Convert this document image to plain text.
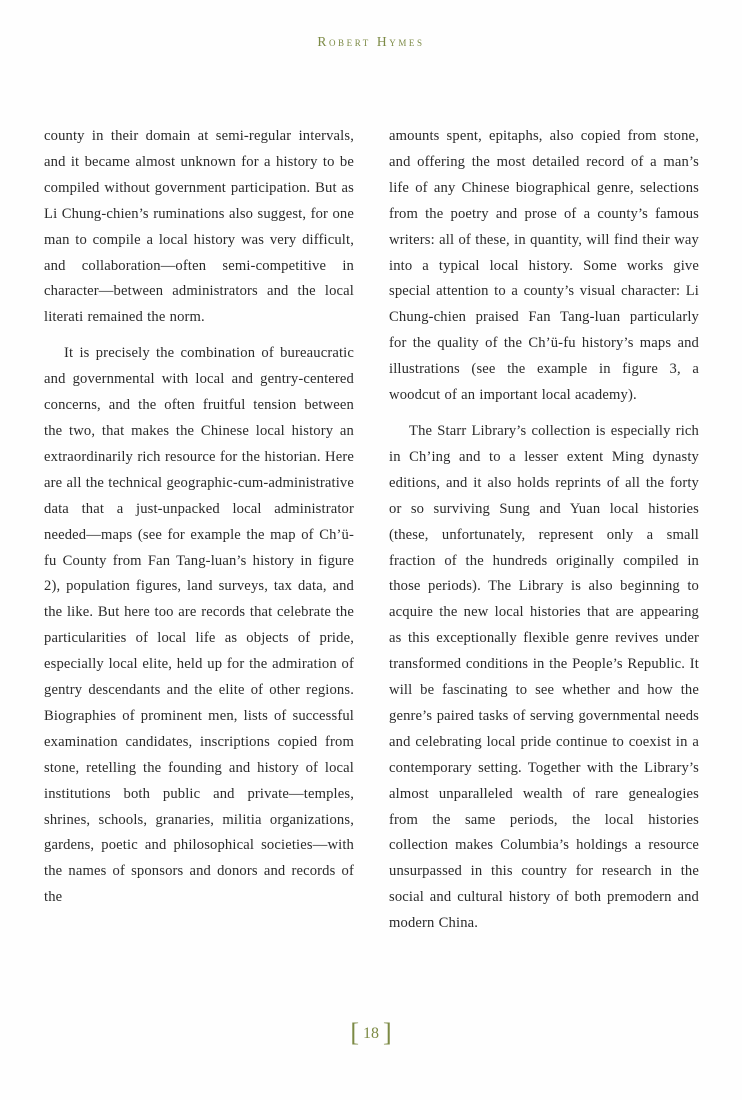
Robert Hymes

county in their domain at semi-regular intervals, and it became almost unknown for a history to be compiled without government participation. But as Li Chung-chien’s ruminations also suggest, for one man to compile a local history was very difficult, and collaboration—often semi-competitive in character—between administrators and the local literati remained the norm.

It is precisely the combination of bureaucratic and governmental with local and gentry-centered concerns, and the often fruitful tension between the two, that makes the Chinese local history an extraordinarily rich resource for the historian. Here are all the technical geographic-cum-administrative data that a just-unpacked local administrator needed—maps (see for example the map of Ch’ü-fu County from Fan Tang-luan’s history in figure 2), population figures, land surveys, tax data, and the like. But here too are records that celebrate the particularities of local life as objects of pride, especially local elite, held up for the admiration of gentry descendants and the elite of other regions. Biographies of prominent men, lists of successful examination candidates, inscriptions copied from stone, retelling the founding and history of local institutions both public and private—temples, shrines, schools, granaries, militia organizations, gardens, poetic and philosophical societies—with the names of sponsors and donors and records of the

amounts spent, epitaphs, also copied from stone, and offering the most detailed record of a man’s life of any Chinese biographical genre, selections from the poetry and prose of a county’s famous writers: all of these, in quantity, will find their way into a typical local history. Some works give special attention to a county’s visual character: Li Chung-chien praised Fan Tang-luan particularly for the quality of the Ch’ü-fu history’s maps and illustrations (see the example in figure 3, a woodcut of an important local academy).

The Starr Library’s collection is especially rich in Ch’ing and to a lesser extent Ming dynasty editions, and it also holds reprints of all the forty or so surviving Sung and Yuan local histories (these, unfortunately, represent only a small fraction of the hundreds originally compiled in those periods). The Library is also beginning to acquire the new local histories that are appearing as this exceptionally flexible genre revives under transformed conditions in the People’s Republic. It will be fascinating to see whether and how the genre’s paired tasks of serving governmental needs and celebrating local pride continue to coexist in a contemporary setting. Together with the Library’s almost unparalleled wealth of rare genealogies from the same periods, the local histories collection makes Columbia’s holdings a resource unsurpassed in this country for research in the social and cultural history of both premodern and modern China.

[ 18 ]
